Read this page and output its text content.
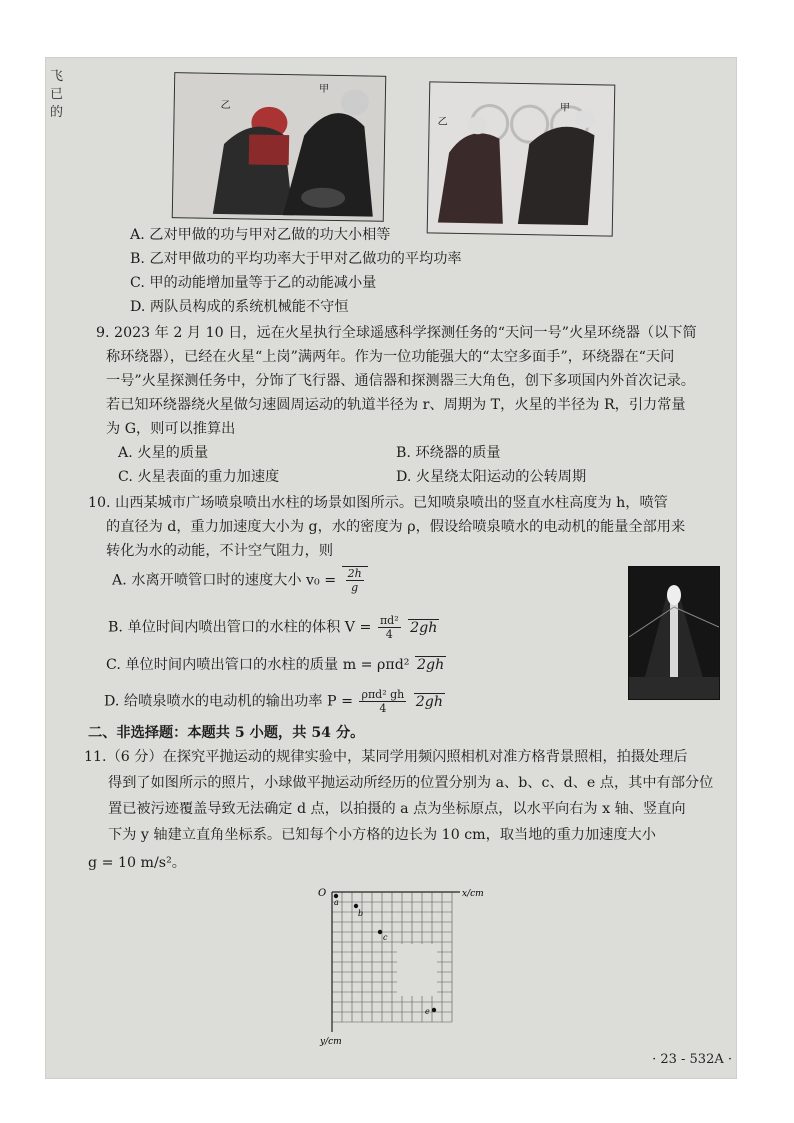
飞
已
的	乙
甲
乙
甲
A. 乙对甲做的功与甲对乙做的功大小相等
B. 乙对甲做功的平均功率大于甲对乙做功的平均功率
C. 甲的动能增加量等于乙的动能减小量
D. 两队员构成的系统机械能不守恒
9. 2023 年 2 月 10 日，远在火星执行全球遥感科学探测任务的“天问一号”火星环绕器（以下简
称环绕器），已经在火星“上岗”满两年。作为一位功能强大的“太空多面手”，环绕器在“天问
一号”火星探测任务中，分饰了飞行器、通信器和探测器三大角色，创下多项国内外首次记录。
若已知环绕器绕火星做匀速圆周运动的轨道半径为 r、周期为 T，火星的半径为 R，引力常量
为 G，则可以推算出
A. 火星的质量	B. 环绕器的质量
C. 火星表面的重力加速度	D. 火星绕太阳运动的公转周期
10. 山西某城市广场喷泉喷出水柱的场景如图所示。已知喷泉喷出的竖直水柱高度为 h，喷管
的直径为 d，重力加速度大小为 g，水的密度为 ρ，假设给喷泉喷水的电动机的能量全部用来
转化为水的动能，不计空气阻力，则
A. 水离开喷管口时的速度大小 $v_0 = \frac{2h}{g}$
B. 单位时间内喷出管口的水柱的体积 $V = \frac{\text{πd²}}{4} 2gh$
C. 单位时间内喷出管口的水柱的质量 m = ρπd² 2gh
D. 给喷泉喷水的电动机的输出功率 $P = \frac{\text{ρπd² gh}}{4} 2gh$
二、非选择题：本题共 5 小题，共 54 分。
11.（6 分）在探究平抛运动的规律实验中，某同学用频闪照相机对准方格背景照相，拍摄处理后
得到了如图所示的照片，小球做平抛运动所经历的位置分别为 a、b、c、d、e 点，其中有部分位
置已被污迹覆盖导致无法确定 d 点，以拍摄的 a 点为坐标原点，以水平向右为 x 轴、竖直向
下为 y 轴建立直角坐标系。已知每个小方格的边长为 10 cm，取当地的重力加速度大小
g = 10 m/s²。
O	x/cm
y/cm
a
b
c
e
· 23 - 532A ·
